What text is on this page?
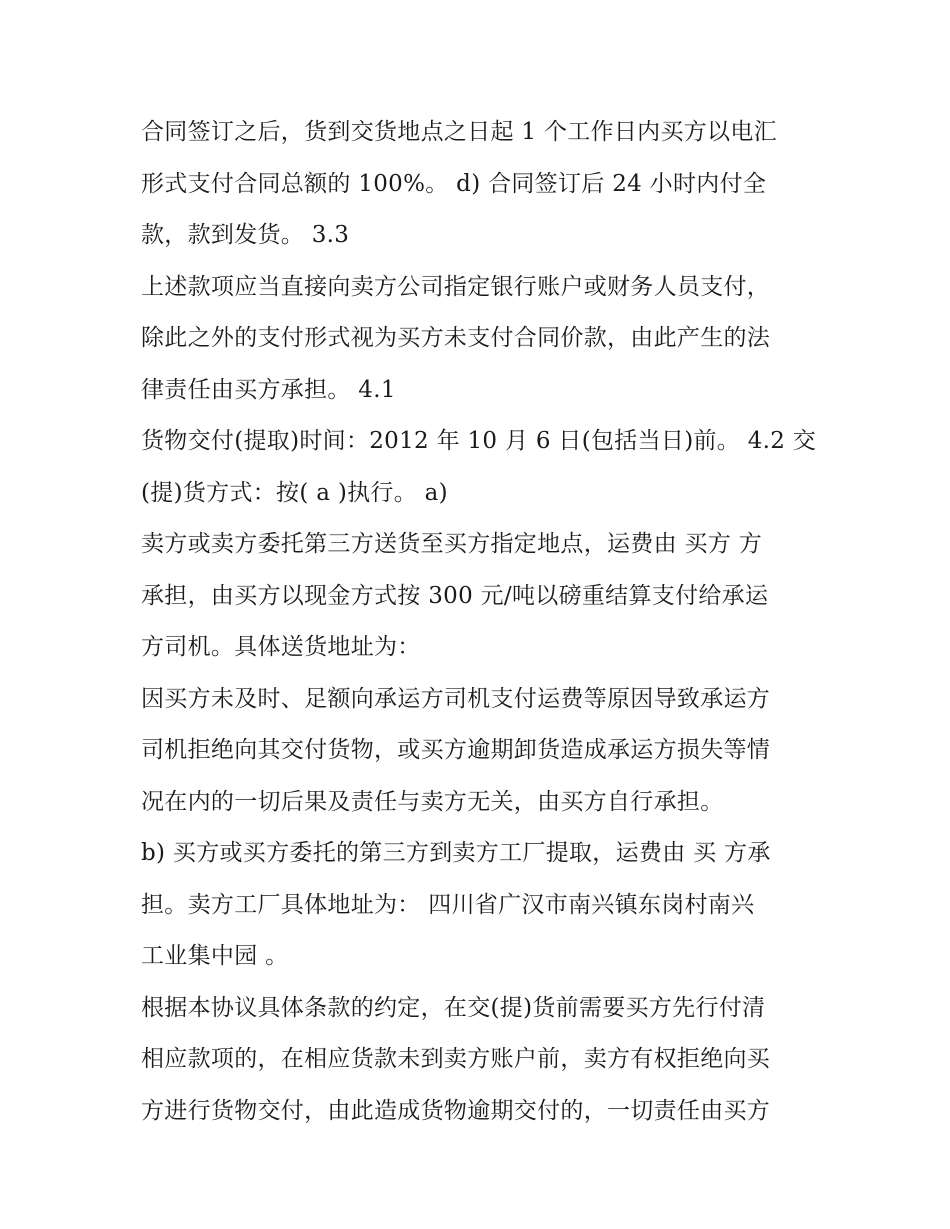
合同签订之后，货到交货地点之日起 1 个工作日内买方以电汇
形式支付合同总额的 100%。 d) 合同签订后 24 小时内付全
款，款到发货。 3.3
上述款项应当直接向卖方公司指定银行账户或财务人员支付，
除此之外的支付形式视为买方未支付合同价款，由此产生的法
律责任由买方承担。 4.1
货物交付(提取)时间：2012 年 10 月 6 日(包括当日)前。 4.2 交
(提)货方式：按( a )执行。 a)
卖方或卖方委托第三方送货至买方指定地点，运费由 买方 方
承担，由买方以现金方式按 300 元/吨以磅重结算支付给承运
方司机。具体送货地址为：
因买方未及时、足额向承运方司机支付运费等原因导致承运方
司机拒绝向其交付货物，或买方逾期卸货造成承运方损失等情
况在内的一切后果及责任与卖方无关，由买方自行承担。
b) 买方或买方委托的第三方到卖方工厂提取，运费由 买 方承
担。卖方工厂具体地址为： 四川省广汉市南兴镇东岗村南兴
工业集中园 。
根据本协议具体条款的约定，在交(提)货前需要买方先行付清
相应款项的，在相应货款未到卖方账户前，卖方有权拒绝向买
方进行货物交付，由此造成货物逾期交付的，一切责任由买方
